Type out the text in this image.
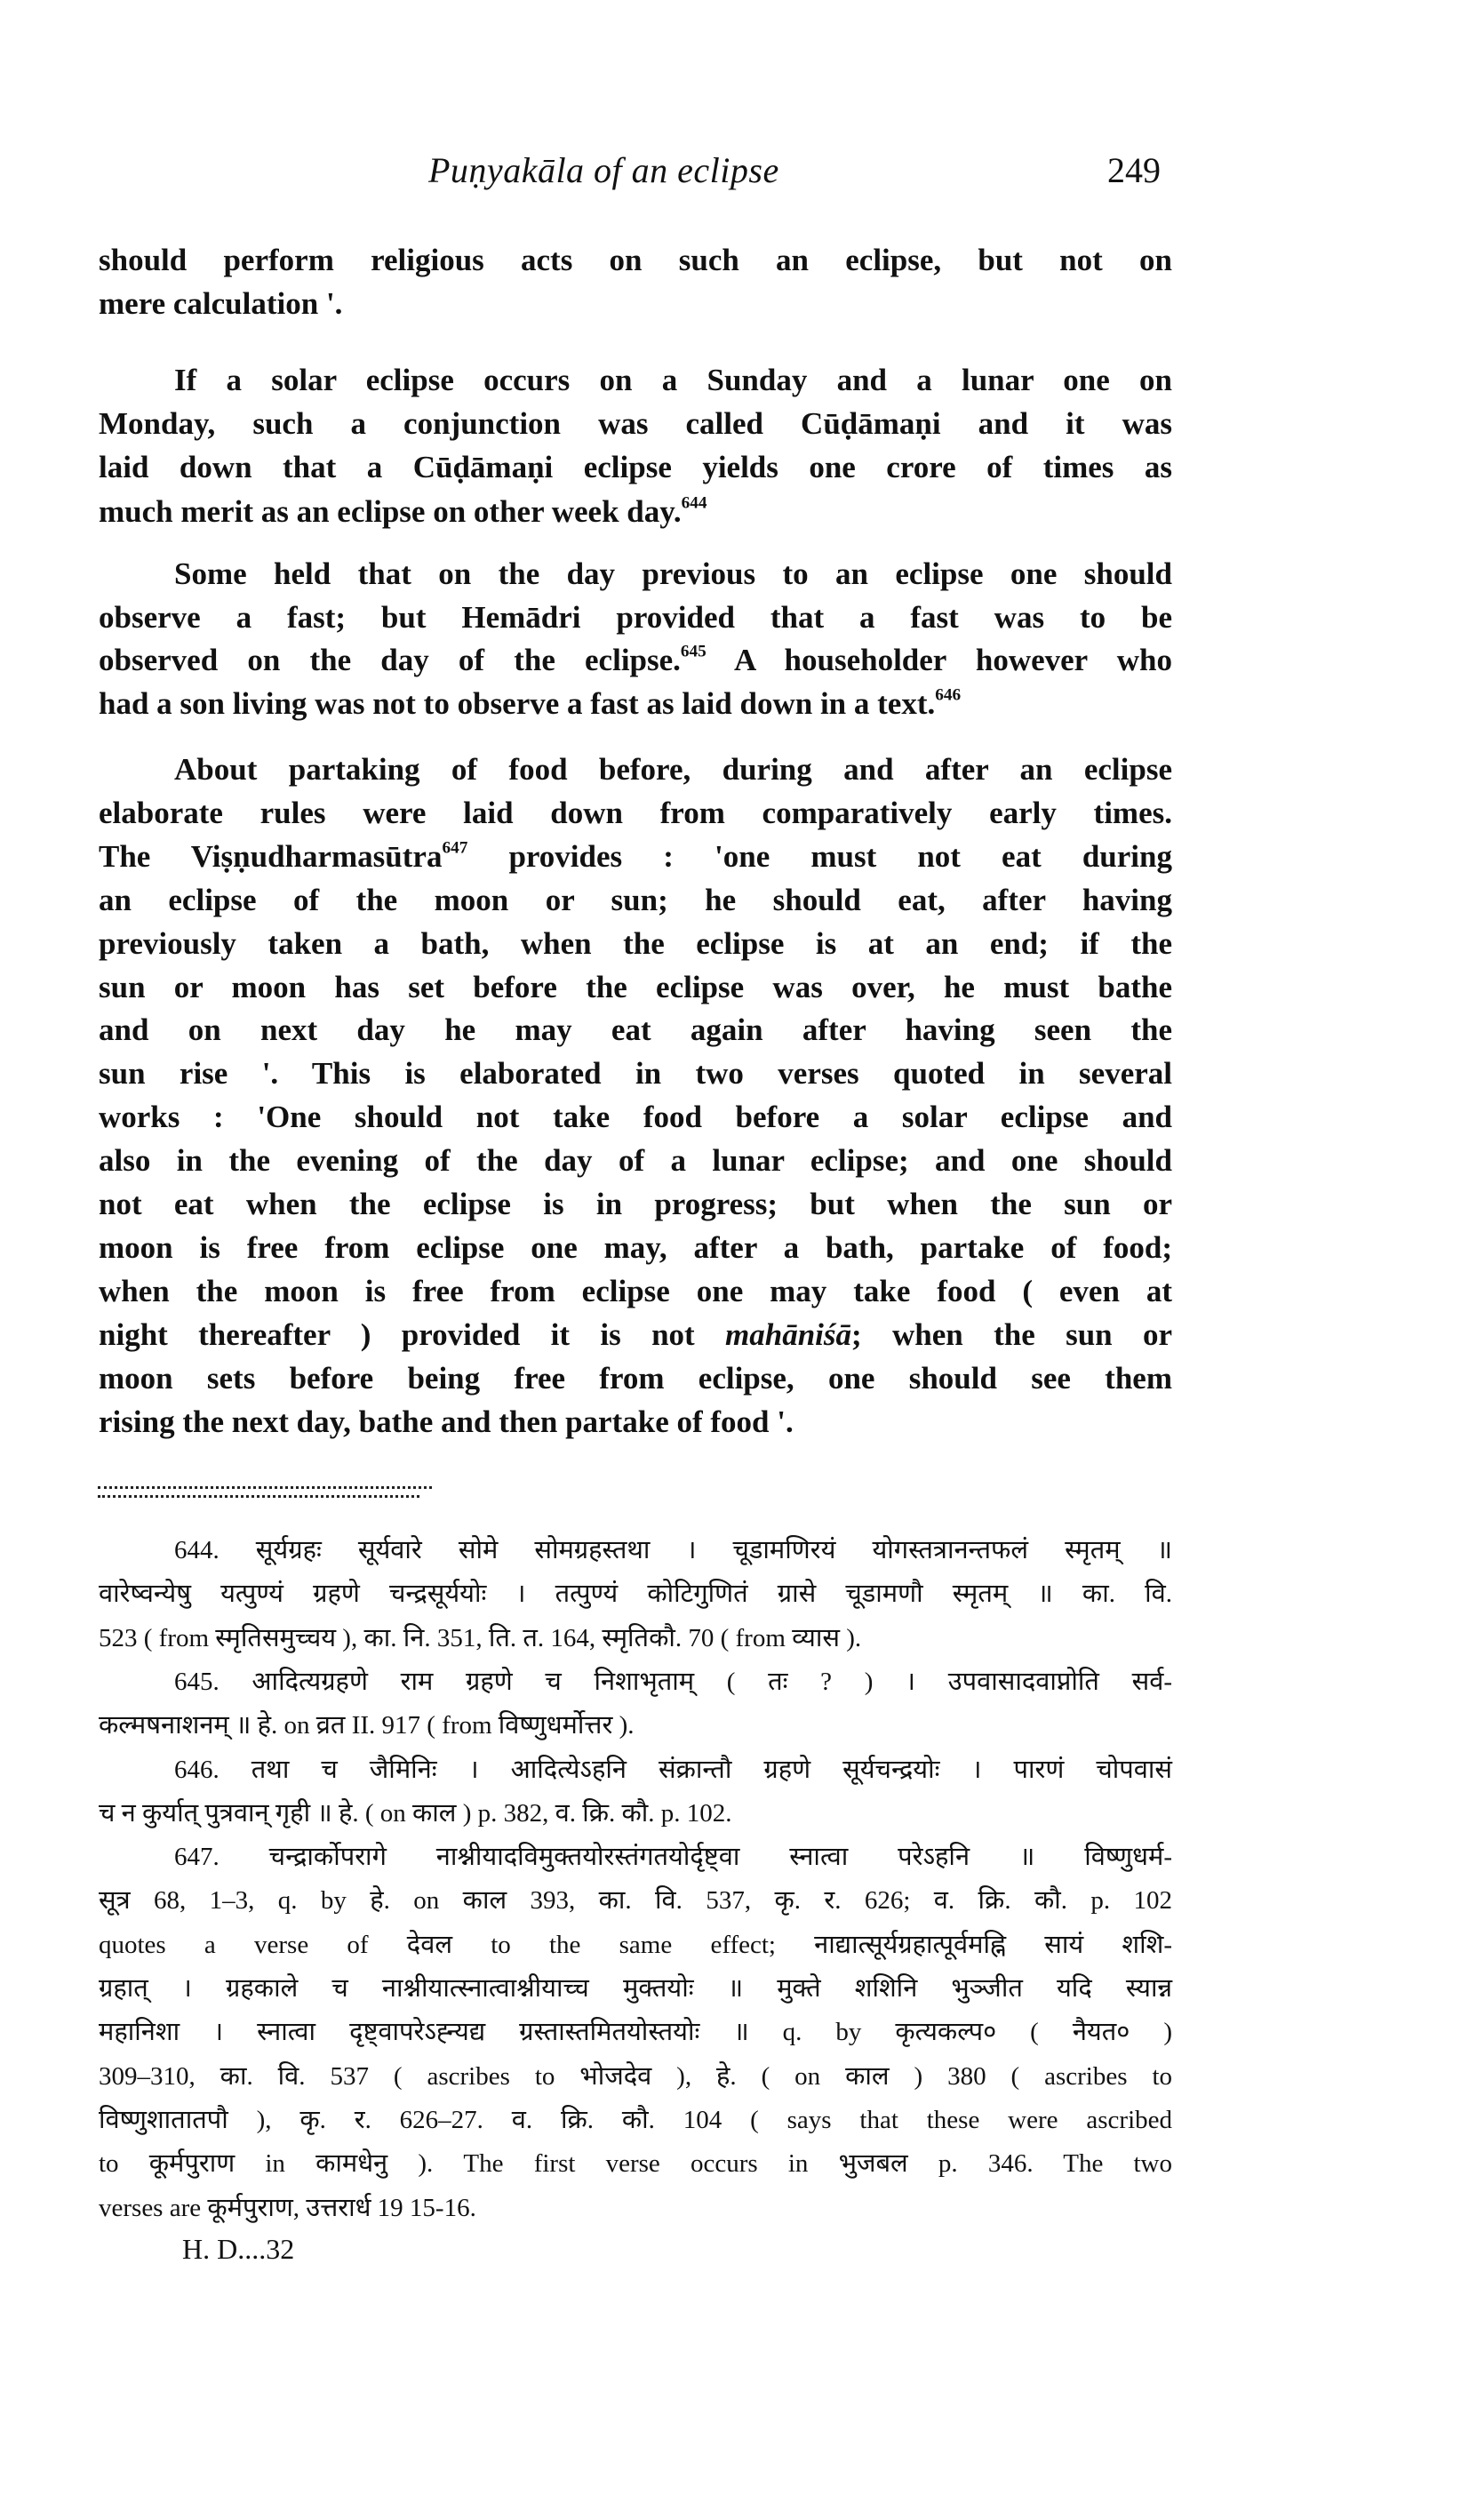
Puṇyakāla of an eclipse	249
should perform religious acts on such an eclipse, but not on
mere calculation '.
If a solar eclipse occurs on a Sunday and a lunar one on
Monday, such a conjunction was called Cūḍāmaṇi and it was
laid down that a Cūḍāmaṇi eclipse yields one crore of times as
much merit as an eclipse on other week day.$^{644}$
Some held that on the day previous to an eclipse one should
observe a fast; but Hemādri provided that a fast was to be
observed on the day of the eclipse.$^{645}$ A householder however who
had a son living was not to observe a fast as laid down in a text.$^{646}$
About partaking of food before, during and after an eclipse
elaborate rules were laid down from comparatively early times.
The Viṣṇudharmasūtra$^{647}$ provides : 'one must not eat during
an eclipse of the moon or sun; he should eat, after having
previously taken a bath, when the eclipse is at an end; if the
sun or moon has set before the eclipse was over, he must bathe
and on next day he may eat again after having seen the
sun rise '. This is elaborated in two verses quoted in several
works : 'One should not take food before a solar eclipse and
also in the evening of the day of a lunar eclipse; and one should
not eat when the eclipse is in progress; but when the sun or
moon is free from eclipse one may, after a bath, partake of food;
when the moon is free from eclipse one may take food ( even at
night thereafter ) provided it is not mahāniśā; when the sun or
moon sets before being free from eclipse, one should see them
rising the next day, bathe and then partake of food '.
644. सूर्यग्रहः सूर्यवारे सोमे सोमग्रहस्तथा । चूडामणिरयं योगस्तत्रानन्तफलं स्मृतम् ॥
वारेष्वन्येषु यत्पुण्यं ग्रहणे चन्द्रसूर्ययोः । तत्पुण्यं कोटिगुणितं ग्रासे चूडामणौ स्मृतम् ॥ का. वि.
523 ( from स्मृतिसमुच्चय ), का. नि. 351, ति. त. 164, स्मृतिकौ. 70 ( from व्यास ).
645. आदित्यग्रहणे राम ग्रहणे च निशाभृताम् ( तः ? ) । उपवासादवाप्नोति सर्व-
कल्मषनाशनम् ॥ हे. on व्रत II. 917 ( from विष्णुधर्मोत्तर ).
646. तथा च जैमिनिः । आदित्येऽहनि संक्रान्तौ ग्रहणे सूर्यचन्द्रयोः । पारणं चोपवासं
च न कुर्यात् पुत्रवान् गृही ॥ हे. ( on काल ) p. 382, व. क्रि. कौ. p. 102.
647. चन्द्रार्कोपरागे नाश्नीयादविमुक्तयोरस्तंगतयोर्दृष्ट्वा स्नात्वा परेऽहनि ॥ विष्णुधर्म-
सूत्र 68, 1–3, q. by हे. on काल 393, का. वि. 537, कृ. र. 626; व. क्रि. कौ. p. 102
quotes a verse of देवल to the same effect; नाद्यात्सूर्यग्रहात्पूर्वमह्नि सायं शशि-
ग्रहात् । ग्रहकाले च नाश्नीयात्स्नात्वाश्नीयाच्च मुक्तयोः ॥ मुक्ते शशिनि भुञ्जीत यदि स्यान्न
महानिशा । स्नात्वा दृष्ट्वापरेऽह्न्यद्य ग्रस्तास्तमितयोस्तयोः ॥ q. by कृत्यकल्प० ( नैयत० )
309–310, का. वि. 537 ( ascribes to भोजदेव ), हे. ( on काल ) 380 ( ascribes to
विष्णुशातातपौ ), कृ. र. 626–27. व. क्रि. कौ. 104 ( says that these were ascribed
to कूर्मपुराण in कामधेनु ). The first verse occurs in भुजबल p. 346. The two
verses are कूर्मपुराण, उत्तरार्ध 19 15-16.
H. D....32
